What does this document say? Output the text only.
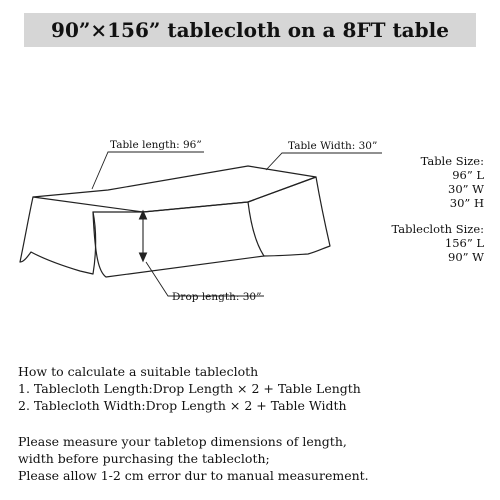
90”×156” tablecloth on a 8FT table
Table length: 96”	Table Width: 30”
Drop length: 30”
Table Size:
96” L
30” W
30” H
Tablecloth Size:
156” L
90” W
How to calculate a suitable tablecloth
1. Tablecloth Length:Drop Length × 2 + Table Length
2. Tablecloth Width:Drop Length × 2 + Table Width
Please measure your tabletop dimensions of length,
width before purchasing the tablecloth;
Please allow 1-2 cm error dur to manual measurement.
